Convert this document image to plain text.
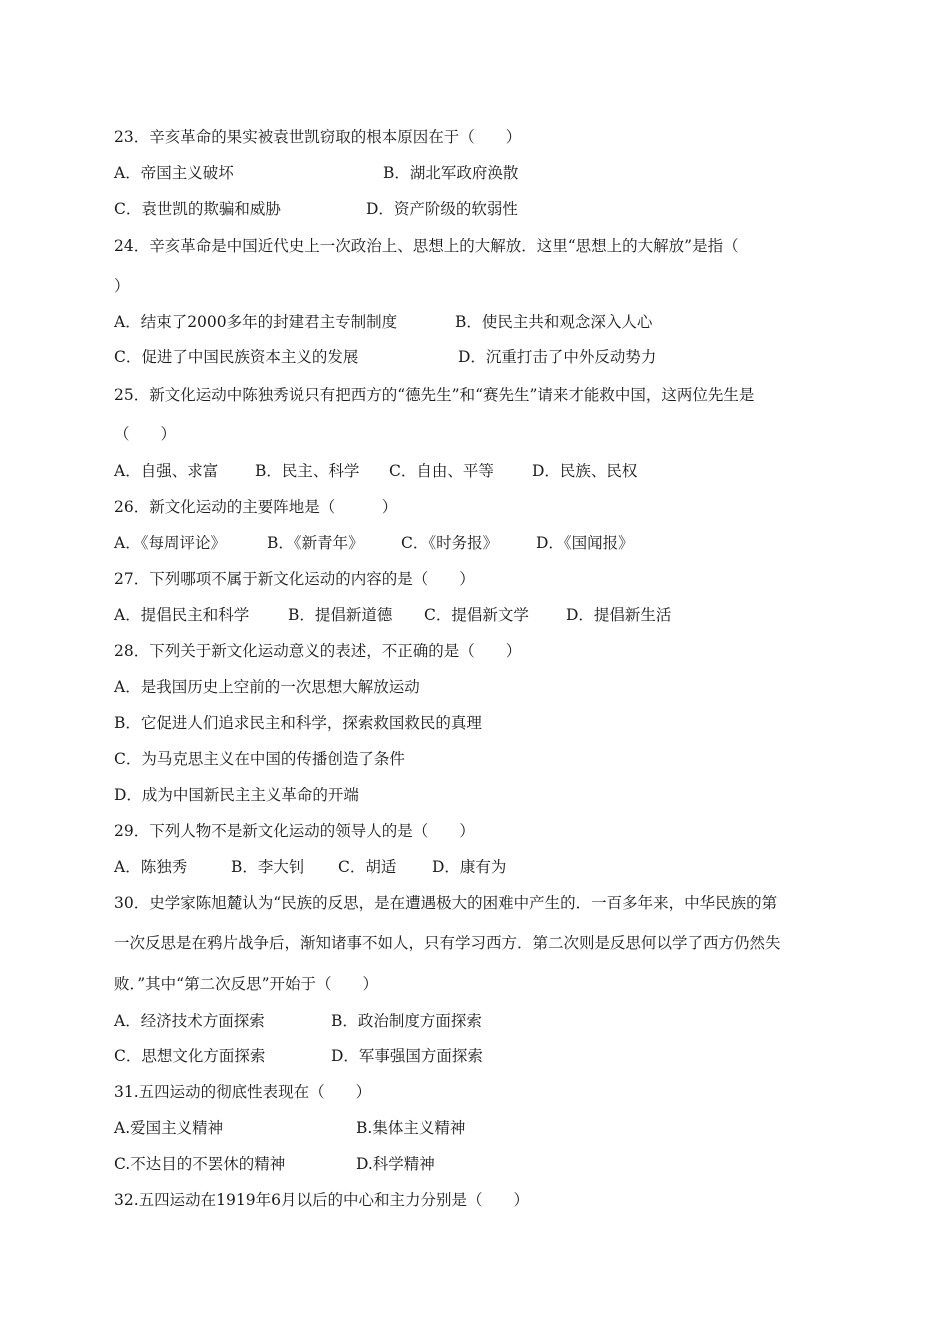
23．辛亥革命的果实被袁世凯窃取的根本原因在于（　　）
A．帝国主义破坏	B．湖北军政府涣散
C．袁世凯的欺骗和威胁	D．资产阶级的软弱性
24．辛亥革命是中国近代史上一次政治上、思想上的大解放．这里“思想上的大解放”是指（
）
A．结束了2000多年的封建君主专制制度	B．使民主共和观念深入人心
C．促进了中国民族资本主义的发展	D．沉重打击了中外反动势力
25．新文化运动中陈独秀说只有把西方的“德先生”和“赛先生”请来才能救中国，这两位先生是
（　　）
A．自强、求富 B．民主、科学 C．自由、平等 D．民族、民权
26．新文化运动的主要阵地是（　　　）
A．《每周评论》	B．《新青年》 C．《时务报》 D．《国闻报》
27．下列哪项不属于新文化运动的内容的是（　　）
A．提倡民主和科学	B．提倡新道德 C．提倡新文学 D．提倡新生活
28．下列关于新文化运动意义的表述，不正确的是（　　）
A．是我国历史上空前的一次思想大解放运动
B．它促进人们追求民主和科学，探索救国救民的真理
C．为马克思主义在中国的传播创造了条件
D．成为中国新民主主义革命的开端
29．下列人物不是新文化运动的领导人的是（　　）
A．陈独秀	B．李大钊 C．胡适 D．康有为
30．史学家陈旭麓认为“民族的反思，是在遭遇极大的困难中产生的．一百多年来，中华民族的第
一次反思是在鸦片战争后，渐知诸事不如人，只有学习西方．第二次则是反思何以学了西方仍然失
败．”其中“第二次反思”开始于（　　）
A．经济技术方面探索	B．政治制度方面探索
C．思想文化方面探索	D．军事强国方面探索
31.五四运动的彻底性表现在（　　）
A.爱国主义精神	B.集体主义精神
C.不达目的不罢休的精神	D.科学精神
32.五四运动在1919年6月以后的中心和主力分别是（　　）
